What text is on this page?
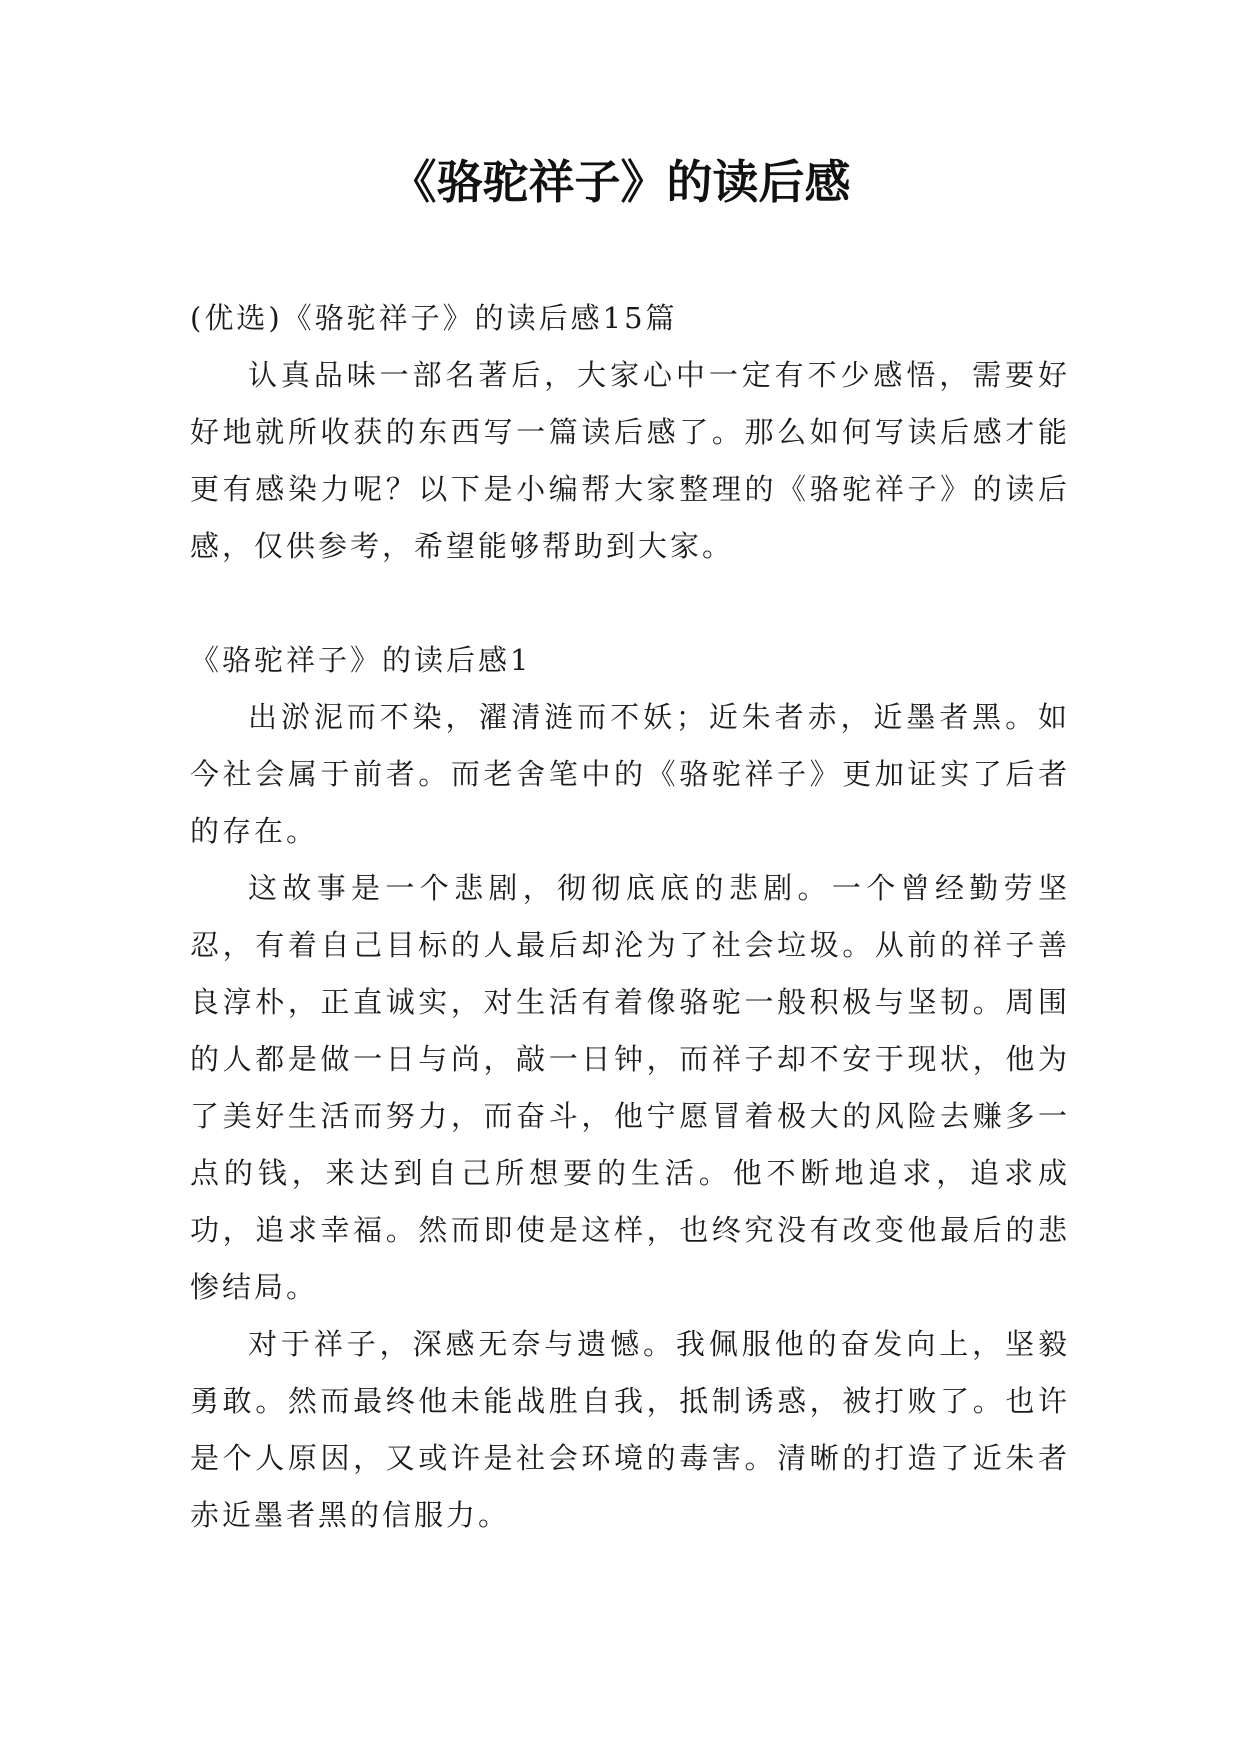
《骆驼祥子》的读后感

(优选)《骆驼祥子》的读后感15篇

认真品味一部名著后，大家心中一定有不少感悟，需要好好地就所收获的东西写一篇读后感了。那么如何写读后感才能更有感染力呢？以下是小编帮大家整理的《骆驼祥子》的读后感，仅供参考，希望能够帮助到大家。

《骆驼祥子》的读后感1

出淤泥而不染，濯清涟而不妖；近朱者赤，近墨者黑。如今社会属于前者。而老舍笔中的《骆驼祥子》更加证实了后者的存在。

这故事是一个悲剧，彻彻底底的悲剧。一个曾经勤劳坚忍，有着自己目标的人最后却沦为了社会垃圾。从前的祥子善良淳朴，正直诚实，对生活有着像骆驼一般积极与坚韧。周围的人都是做一日与尚，敲一日钟，而祥子却不安于现状，他为了美好生活而努力，而奋斗，他宁愿冒着极大的风险去赚多一点的钱，来达到自己所想要的生活。他不断地追求，追求成功，追求幸福。然而即使是这样，也终究没有改变他最后的悲惨结局。

对于祥子，深感无奈与遗憾。我佩服他的奋发向上，坚毅勇敢。然而最终他未能战胜自我，抵制诱惑，被打败了。也许是个人原因，又或许是社会环境的毒害。清晰的打造了近朱者赤近墨者黑的信服力。
